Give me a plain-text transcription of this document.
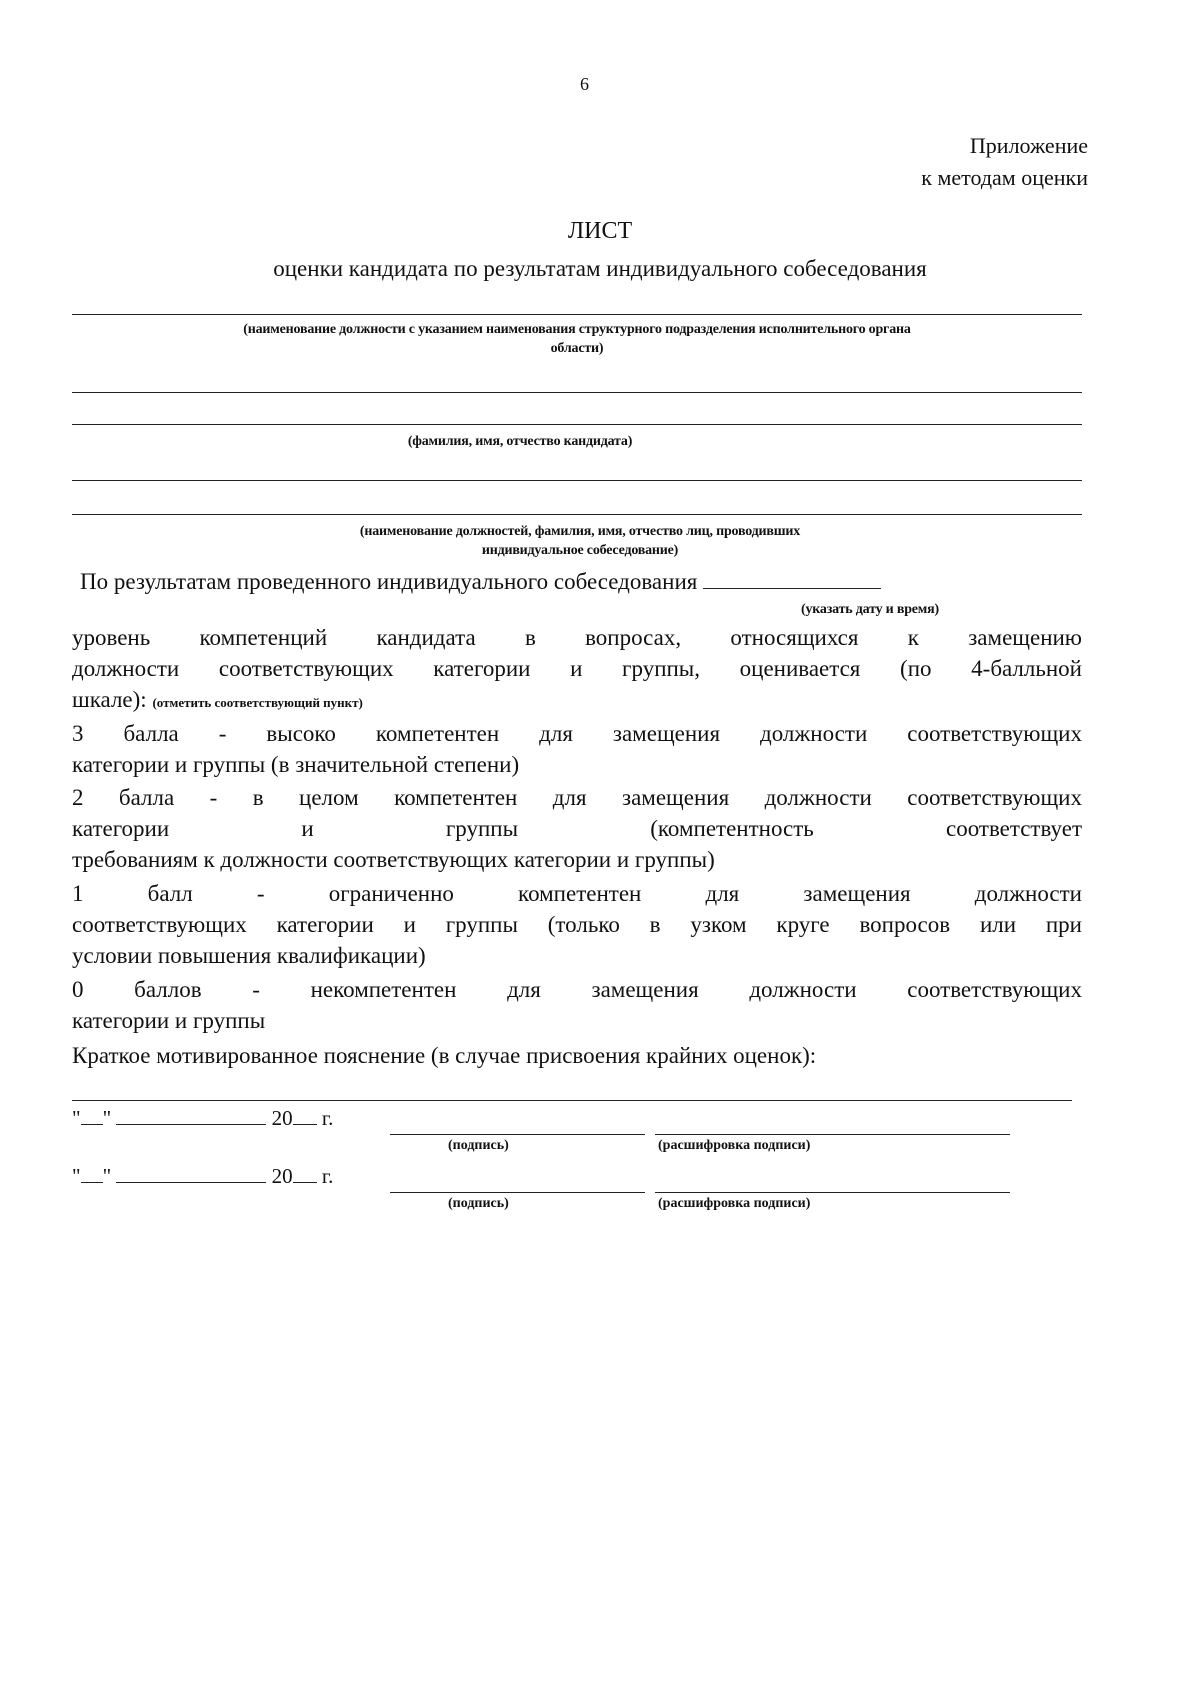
6
Приложение
к методам оценки
ЛИСТ
оценки кандидата по результатам индивидуального собеседования
(наименование должности с указанием наименования структурного подразделения исполнительного органа
области)
(фамилия, имя, отчество кандидата)
(наименование должностей, фамилия, имя, отчество лиц, проводивших
индивидуальное собеседование)
По результатам проведенного индивидуального собеседования
(указать дату и время)
уровень компетенций кандидата в вопросах, относящихся к замещению
должности соответствующих категории и группы, оценивается (по 4-балльной
шкале): (отметить соответствующий пункт)
3 балла - высоко компетентен для замещения должности соответствующих
категории и группы (в значительной степени)
2 балла - в целом компетентен для замещения должности соответствующих
категории и группы (компетентность соответствует
требованиям к должности соответствующих категории и группы)
1 балл - ограниченно компетентен для замещения должности
соответствующих категории и группы (только в узком круге вопросов или при
условии повышения квалификации)
0 баллов - некомпетентен для замещения должности соответствующих
категории и группы
Краткое мотивированное пояснение (в случае присвоения крайних оценок):
" "	20 г.
(подпись)	(расшифровка подписи)
" "	20 г.
(подпись)	(расшифровка подписи)
